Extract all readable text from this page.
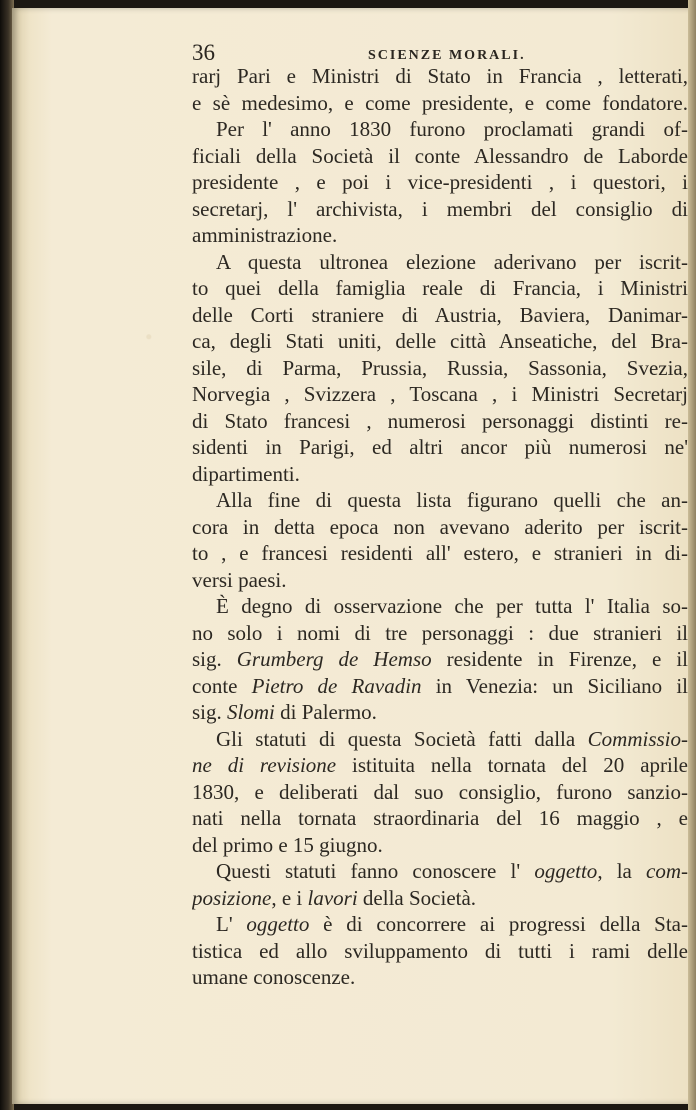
36	SCIENZE MORALI.
rarj Pari e Ministri di Stato in Francia , letterati,
e sè medesimo, e come presidente, e come fondatore.
Per l' anno 1830 furono proclamati grandi of-
ficiali della Società il conte Alessandro de Laborde
presidente , e poi i vice-presidenti , i questori, i
secretarj, l' archivista, i membri del consiglio di
amministrazione.
A questa ultronea elezione aderivano per iscrit-
to quei della famiglia reale di Francia, i Ministri
delle Corti straniere di Austria, Baviera, Danimar-
ca, degli Stati uniti, delle città Anseatiche, del Bra-
sile, di Parma, Prussia, Russia, Sassonia, Svezia,
Norvegia , Svizzera , Toscana , i Ministri Secretarj
di Stato francesi , numerosi personaggi distinti re-
sidenti in Parigi, ed altri ancor più numerosi ne'
dipartimenti.
Alla fine di questa lista figurano quelli che an-
cora in detta epoca non avevano aderito per iscrit-
to , e francesi residenti all' estero, e stranieri in di-
versi paesi.
È degno di osservazione che per tutta l' Italia so-
no solo i nomi di tre personaggi : due stranieri il
sig. Grumberg de Hemso residente in Firenze, e il
conte Pietro de Ravadin in Venezia: un Siciliano il
sig. Slomi di Palermo.
Gli statuti di questa Società fatti dalla Commissio-
ne di revisione istituita nella tornata del 20 aprile
1830, e deliberati dal suo consiglio, furono sanzio-
nati nella tornata straordinaria del 16 maggio , e
del primo e 15 giugno.
Questi statuti fanno conoscere l' oggetto, la com-
posizione, e i lavori della Società.
L' oggetto è di concorrere ai progressi della Sta-
tistica ed allo sviluppamento di tutti i rami delle
umane conoscenze.
